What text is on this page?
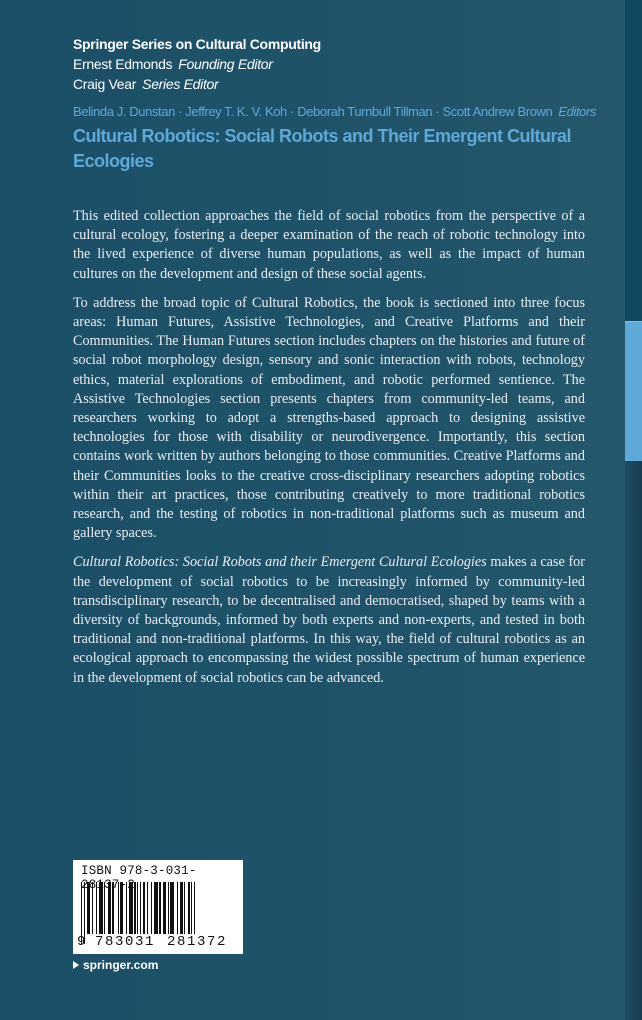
Springer Series on Cultural Computing
Ernest Edmonds Founding Editor
Craig Vear Series Editor
Belinda J. Dunstan · Jeffrey T. K. V. Koh · Deborah Turnbull Tillman · Scott Andrew Brown Editors
Cultural Robotics: Social Robots and Their Emergent Cultural
Ecologies

This edited collection approaches the field of social robotics from the perspective of a cultural ecology, fostering a deeper examination of the reach of robotic technology into the lived experience of diverse human populations, as well as the impact of human cultures on the development and design of these social agents.

To address the broad topic of Cultural Robotics, the book is sectioned into three focus areas: Human Futures, Assistive Technologies, and Creative Platforms and their Communities. The Human Futures section includes chapters on the histories and future of social robot morphology design, sensory and sonic interaction with robots, technology ethics, material explorations of embodiment, and robotic performed sentience. The Assistive Technologies section presents chapters from community-led teams, and researchers working to adopt a strengths-based approach to designing assistive technologies for those with disability or neurodivergence. Importantly, this section contains work written by authors belonging to those communities. Creative Platforms and their Communities looks to the creative cross-disciplinary researchers adopting robotics within their art practices, those contributing creatively to more traditional robotics research, and the testing of robotics in non-traditional platforms such as museum and gallery spaces.

Cultural Robotics: Social Robots and their Emergent Cultural Ecologies makes a case for the development of social robotics to be increasingly informed by community-led transdisciplinary research, to be decentralised and democratised, shaped by teams with a diversity of backgrounds, informed by both experts and non-experts, and tested in both traditional and non-traditional platforms. In this way, the field of cultural robotics as an ecological approach to encompassing the widest possible spectrum of human experience in the development of social robotics can be advanced.

ISBN 978-3-031- 137-2
9 783031 281372
springer.com
